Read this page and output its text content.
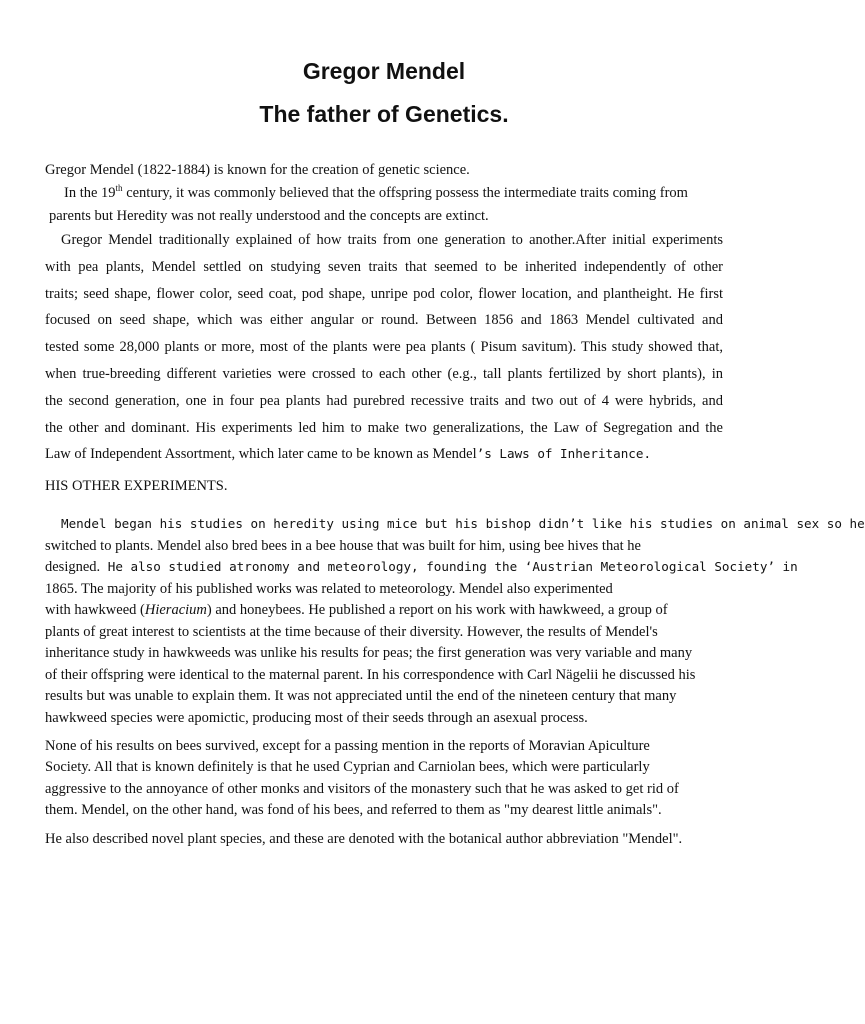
Gregor Mendel
The father of Genetics.
Gregor Mendel (1822-1884) is known for the creation of genetic science.
In the 19th century, it was commonly believed that the offspring possess the intermediate traits coming from
parents but Heredity was not really understood and the concepts are extinct.
Gregor Mendel traditionally explained of how traits from one generation to another.After initial experiments
with pea plants, Mendel settled on studying seven traits that seemed to be inherited independently of other
traits; seed shape, flower color, seed coat, pod shape, unripe pod color, flower location, and plantheight. He first
focused on seed shape, which was either angular or round. Between 1856 and 1863 Mendel cultivated and
tested some 28,000 plants or more, most of the plants were pea plants ( Pisum savitum). This study showed that,
when true-breeding different varieties were crossed to each other (e.g., tall plants fertilized by short plants), in
the second generation, one in four pea plants had purebred recessive traits and two out of 4 were hybrids, and
the other and dominant. His experiments led him to make two generalizations, the Law of Segregation and the
Law of Independent Assortment, which later came to be known as Mendel’s Laws of Inheritance.
HIS OTHER EXPERIMENTS.
Mendel began his studies on heredity using mice but his bishop didn’t like his studies on animal sex so he
switched to plants. Mendel also bred bees in a bee house that was built for him, using bee hives that he
designed. He also studied atronomy and meteorology, founding the ‘Austrian Meteorological Society’ in
1865. The majority of his published works was related to meteorology. Mendel also experimented
with hawkweed (Hieracium) and honeybees. He published a report on his work with hawkweed, a group of
plants of great interest to scientists at the time because of their diversity. However, the results of Mendel's
inheritance study in hawkweeds was unlike his results for peas; the first generation was very variable and many
of their offspring were identical to the maternal parent. In his correspondence with Carl Nägelii he discussed his
results but was unable to explain them. It was not appreciated until the end of the nineteen century that many
hawkweed species were apomictic, producing most of their seeds through an asexual process.
None of his results on bees survived, except for a passing mention in the reports of Moravian Apiculture
Society. All that is known definitely is that he used Cyprian and Carniolan bees, which were particularly
aggressive to the annoyance of other monks and visitors of the monastery such that he was asked to get rid of
them. Mendel, on the other hand, was fond of his bees, and referred to them as "my dearest little animals".
He also described novel plant species, and these are denoted with the botanical author abbreviation "Mendel".
